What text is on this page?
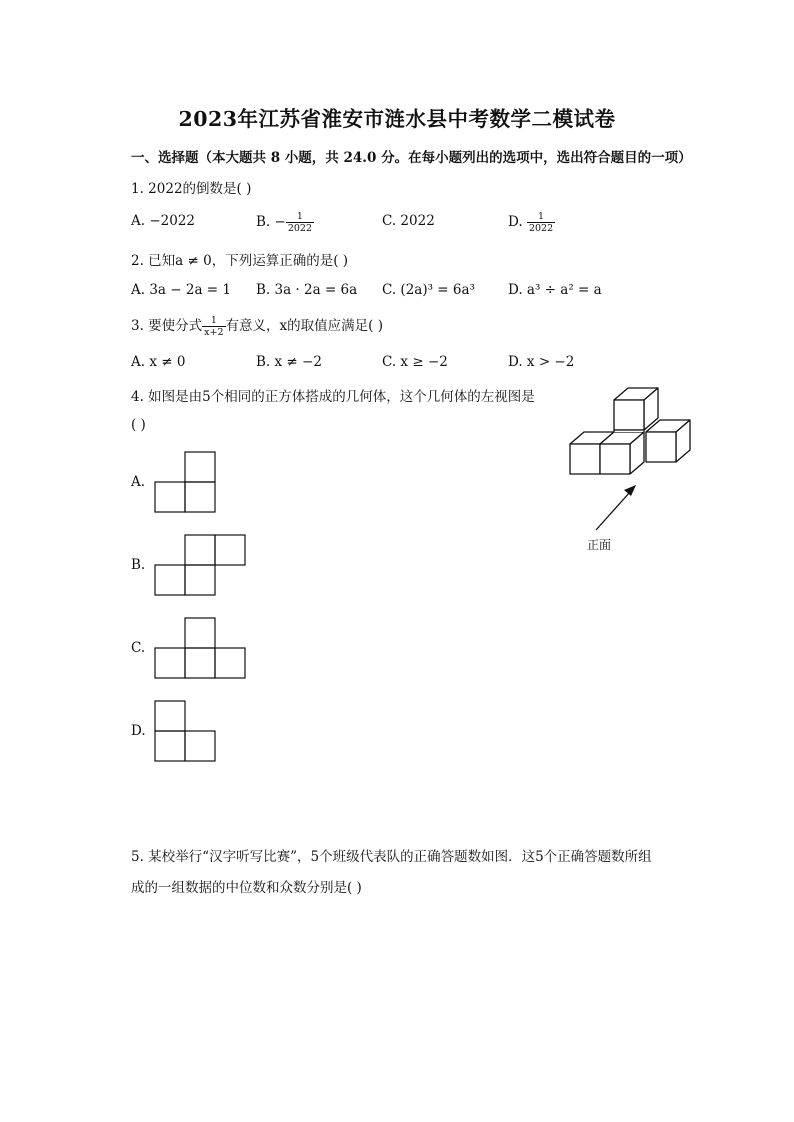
2023年江苏省淮安市涟水县中考数学二模试卷
一、选择题（本大题共 8 小题，共 24.0 分。在每小题列出的选项中，选出符合题目的一项）
1. 2022的倒数是( )
A. −2022	B. − $\frac{1}{2022}$	C. 2022	D. $\frac{1}{2022}$
2. 已知a ≠ 0，下列运算正确的是( )
A. 3a − 2a = 1 B. 3a · 2a = 6a C. (2a)³ = 6a³ D. a³ ÷ a² = a
3. 要使分式 $\frac{1}{x+2}$ 有意义，x的取值应满足( )
A. x ≠ 0	B. x ≠ −2	C. x ≥ −2	D. x > −2
4. 如图是由5个相同的正方体搭成的几何体，这个几何体的左视图是
( )
A.
B.
C.
D.
正面
5. 某校举行“汉字听写比赛”，5个班级代表队的正确答题数如图．这5个正确答题数所组
成的一组数据的中位数和众数分别是( )
